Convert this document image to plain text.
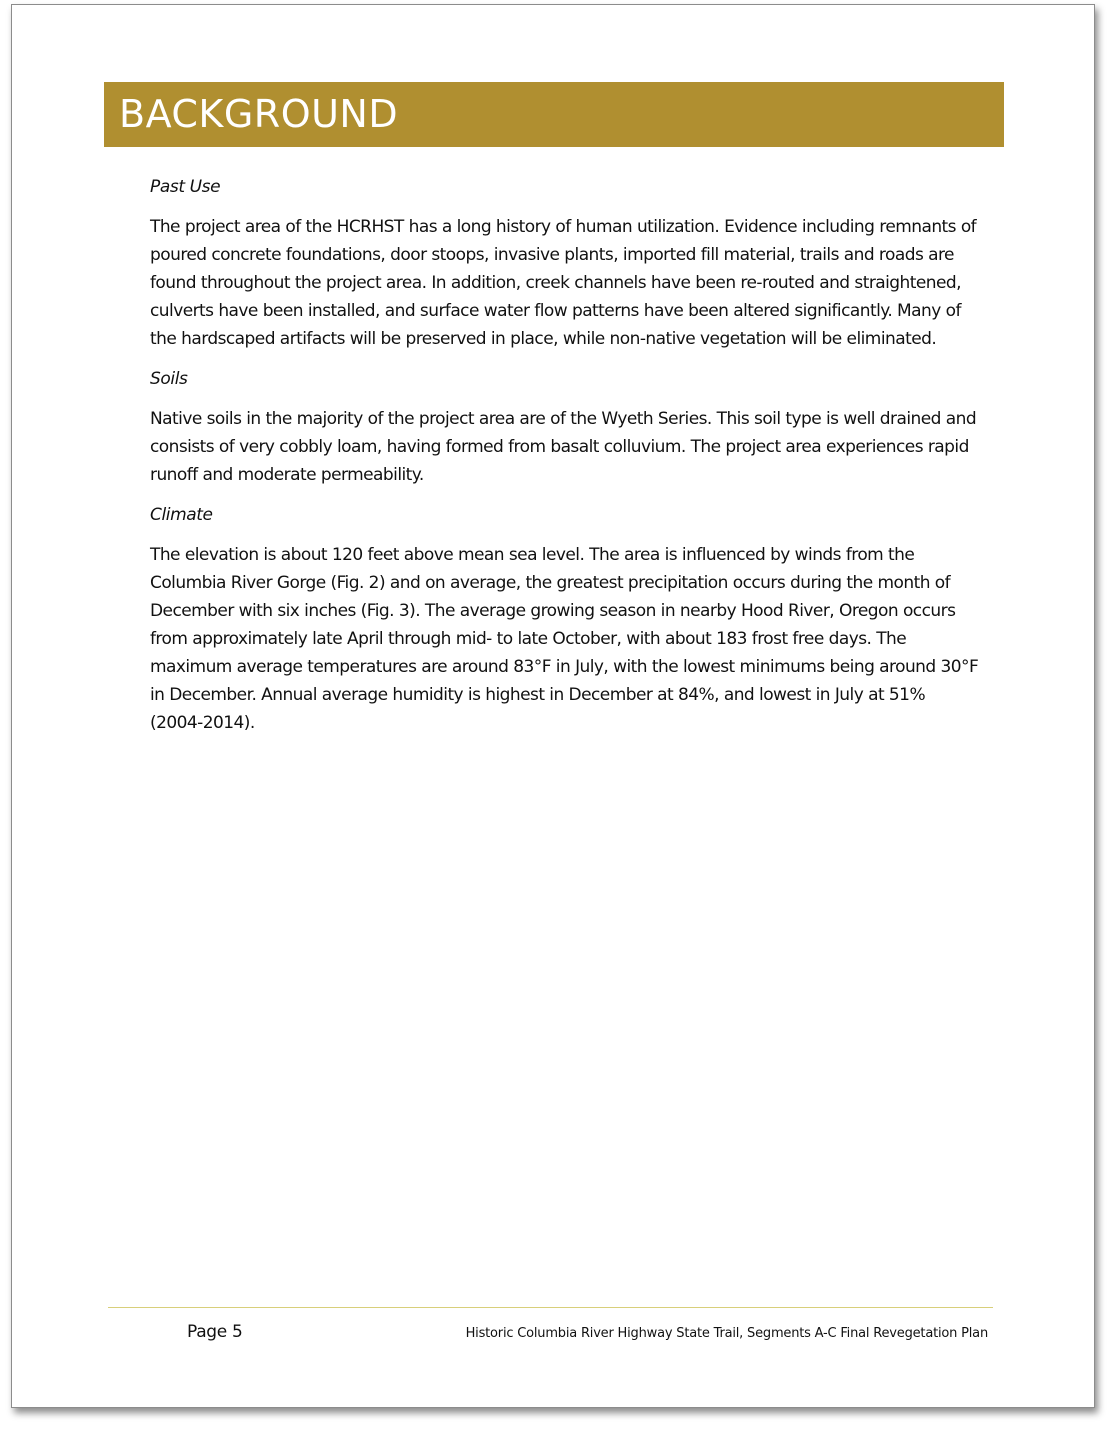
BACKGROUND

Past Use

The project area of the HCRHST has a long history of human utilization. Evidence including remnants of poured concrete foundations, door stoops, invasive plants, imported fill material, trails and roads are found throughout the project area. In addition, creek channels have been re-routed and straightened, culverts have been installed, and surface water flow patterns have been altered significantly. Many of the hardscaped artifacts will be preserved in place, while non-native vegetation will be eliminated.

Soils

Native soils in the majority of the project area are of the Wyeth Series. This soil type is well drained and consists of very cobbly loam, having formed from basalt colluvium. The project area experiences rapid runoff and moderate permeability.

Climate

The elevation is about 120 feet above mean sea level. The area is influenced by winds from the Columbia River Gorge (Fig. 2) and on average, the greatest precipitation occurs during the month of December with six inches (Fig. 3). The average growing season in nearby Hood River, Oregon occurs from approximately late April through mid- to late October, with about 183 frost free days. The maximum average temperatures are around 83°F in July, with the lowest minimums being around 30°F in December. Annual average humidity is highest in December at 84%, and lowest in July at 51% (2004-2014).

Page 5	Historic Columbia River Highway State Trail, Segments A-C Final Revegetation Plan
